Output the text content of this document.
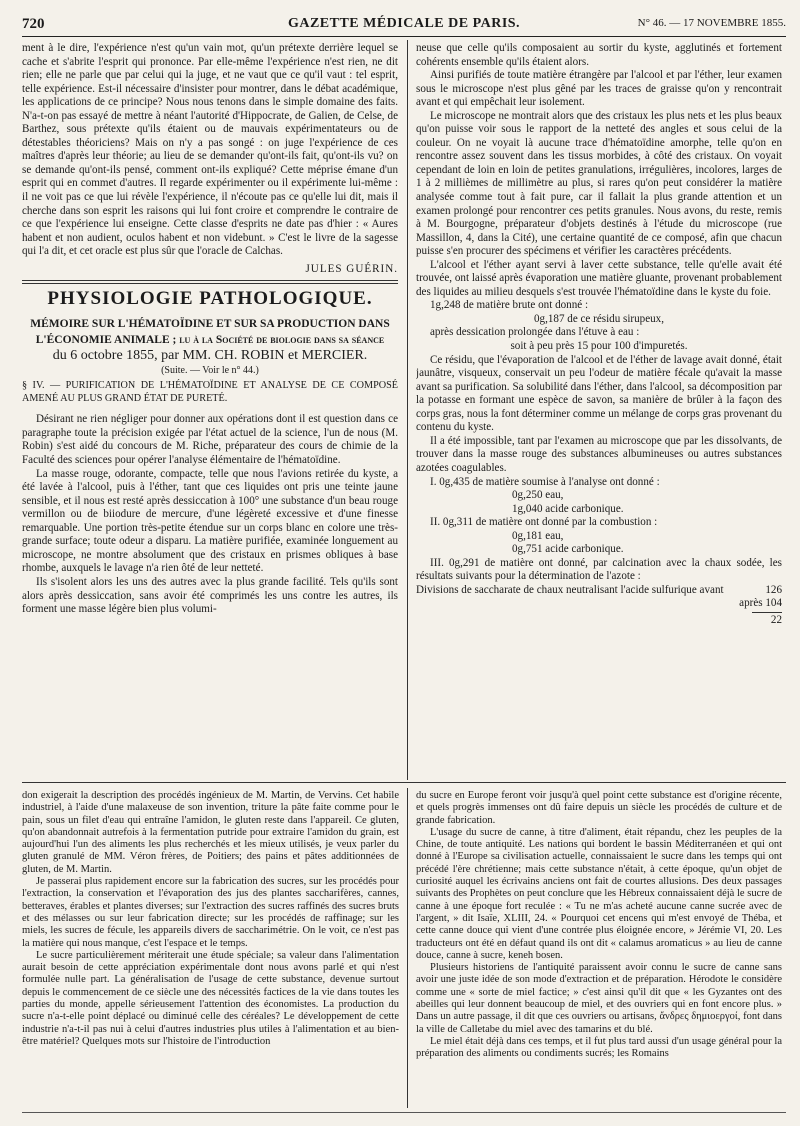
720	GAZETTE MÉDICALE DE PARIS.	N° 46. — 17 NOVEMBRE 1855.

ment à le dire, l'expérience n'est qu'un vain mot, qu'un prétexte derrière lequel se cache et s'abrite l'esprit qui prononce. Par elle-même l'expérience n'est rien, ne dit rien; elle ne parle que par celui qui la juge, et ne vaut que ce qu'il vaut : tel esprit, telle expérience. Est-il nécessaire d'insister pour montrer, dans le débat académique, les applications de ce principe? Nous nous tenons dans le simple domaine des faits. N'a-t-on pas essayé de mettre à néant l'autorité d'Hippocrate, de Galien, de Celse, de Barthez, sous prétexte qu'ils étaient ou de mauvais expérimentateurs ou de détestables théoriciens? Mais on n'y a pas songé : on juge l'expérience de ces maîtres d'après leur théorie; au lieu de se demander qu'ont-ils fait, qu'ont-ils vu? on se demande qu'ont-ils pensé, comment ont-ils expliqué? Cette méprise émane d'un esprit qui en commet d'autres. Il regarde expérimenter ou il expérimente lui-même : il ne voit pas ce que lui révèle l'expérience, il n'écoute pas ce qu'elle lui dit, mais il cherche dans son esprit les raisons qui lui font croire et comprendre le contraire de ce que l'expérience lui enseigne. Cette classe d'esprits ne date pas d'hier : « Aures habent et non audient, oculos habent et non videbunt. » C'est le livre de la sagesse qui l'a dit, et cet oracle est plus sûr que l'oracle de Calchas.

JULES GUÉRIN.

PHYSIOLOGIE PATHOLOGIQUE.

MÉMOIRE SUR L'HÉMATOÏDINE ET SUR SA PRODUCTION DANS L'ÉCONOMIE ANIMALE ; lu à la Société de biologie dans sa séance
du 6 octobre 1855, par MM. CH. ROBIN et MERCIER.

(Suite. — Voir le n° 44.)

§ IV. — PURIFICATION DE L'HÉMATOÏDINE ET ANALYSE DE CE COMPOSÉ AMENÉ AU PLUS GRAND ÉTAT DE PURETÉ.

Désirant ne rien négliger pour donner aux opérations dont il est question dans ce paragraphe toute la précision exigée par l'état actuel de la science, l'un de nous (M. Robin) s'est aidé du concours de M. Riche, préparateur des cours de chimie de la Faculté des sciences pour opérer l'analyse élémentaire de l'hématoïdine.

La masse rouge, odorante, compacte, telle que nous l'avions retirée du kyste, a été lavée à l'alcool, puis à l'éther, tant que ces liquides ont pris une teinte jaune sensible, et il nous est resté après dessiccation à 100° une substance d'un beau rouge vermillon ou de biiodure de mercure, d'une légèreté excessive et d'une finesse remarquable. Une portion très-petite étendue sur un corps blanc en colore une très-grande surface; toute odeur a disparu. La matière purifiée, examinée longuement au microscope, ne montre absolument que des cristaux en prismes obliques à base rhombe, auxquels le lavage n'a rien ôté de leur netteté.

Ils s'isolent alors les uns des autres avec la plus grande facilité. Tels qu'ils sont alors après dessiccation, sans avoir été comprimés les uns contre les autres, ils forment une masse légère bien plus volumi-

neuse que celle qu'ils composaient au sortir du kyste, agglutinés et fortement cohérents ensemble qu'ils étaient alors.

Ainsi purifiés de toute matière étrangère par l'alcool et par l'éther, leur examen sous le microscope n'est plus gêné par les traces de graisse qu'on y rencontrait avant et qui empêchait leur isolement.

Le microscope ne montrait alors que des cristaux les plus nets et les plus beaux qu'on puisse voir sous le rapport de la netteté des angles et sous celui de la couleur. On ne voyait là aucune trace d'hématoïdine amorphe, telle qu'on en rencontre assez souvent dans les tissus morbides, à côté des cristaux. On voyait cependant de loin en loin de petites granulations, irrégulières, incolores, larges de 1 à 2 millièmes de millimètre au plus, si rares qu'on peut considérer la matière analysée comme tout à fait pure, car il fallait la plus grande attention et un examen prolongé pour rencontrer ces petits granules. Nous avons, du reste, remis à M. Bourgogne, préparateur d'objets destinés à l'étude du microscope (rue Massillon, 4, dans la Cité), une certaine quantité de ce composé, afin que chacun puisse s'en procurer des spécimens et vérifier les caractères précédents.

L'alcool et l'éther ayant servi à laver cette substance, telle qu'elle avait été trouvée, ont laissé après évaporation une matière gluante, provenant probablement des liquides au milieu desquels s'est trouvée l'hématoïdine dans le kyste du foie.

1g,248 de matière brute ont donné :

0g,187 de ce résidu sirupeux,

après dessication prolongée dans l'étuve à eau :

soit à peu près 15 pour 100 d'impuretés.

Ce résidu, que l'évaporation de l'alcool et de l'éther de lavage avait donné, était jaunâtre, visqueux, conservait un peu l'odeur de matière fécale qu'avait la masse avant sa purification. Sa solubilité dans l'éther, dans l'alcool, sa décomposition par la potasse en formant une espèce de savon, sa manière de brûler à la façon des corps gras, nous la font déterminer comme un mélange de corps gras provenant du contenu du kyste.

Il a été impossible, tant par l'examen au microscope que par les dissolvants, de trouver dans la masse rouge des substances albumineuses ou autres substances azotées coagulables.

I. 0g,435 de matière soumise à l'analyse ont donné :

0g,250 eau,

1g,040 acide carbonique.

II. 0g,311 de matière ont donné par la combustion :

0g,181 eau,

0g,751 acide carbonique.

III. 0g,291 de matière ont donné, par calcination avec la chaux sodée, les résultats suivants pour la détermination de l'azote :

Divisions de saccharate de chaux neutralisant l'acide sulfurique avant	126

après 104

22

don exigerait la description des procédés ingénieux de M. Martin, de Vervins. Cet habile industriel, à l'aide d'une malaxeuse de son invention, triture la pâte faite comme pour le pain, sous un filet d'eau qui entraîne l'amidon, le gluten reste dans l'appareil. Ce gluten, qu'on abandonnait autrefois à la fermentation putride pour extraire l'amidon du grain, est aujourd'hui l'un des aliments les plus recherchés et les mieux utilisés, je veux parler du gluten granulé de MM. Véron frères, de Poitiers; des pains et pâtes additionnées de gluten, de M. Martin.

Je passerai plus rapidement encore sur la fabrication des sucres, sur les procédés pour l'extraction, la conservation et l'évaporation des jus des plantes saccharifères, cannes, betteraves, érables et plantes diverses; sur l'extraction des sucres raffinés des sucres bruts et des mélasses ou sur leur fabrication directe; sur les procédés de raffinage; sur les miels, les sucres de fécule, les appareils divers de saccharimétrie. On le voit, ce n'est pas la matière qui nous manque, c'est l'espace et le temps.

Le sucre particulièrement mériterait une étude spéciale; sa valeur dans l'alimentation aurait besoin de cette appréciation expérimentale dont nous avons parlé et qui n'est formulée nulle part. La généralisation de l'usage de cette substance, devenue surtout depuis le commencement de ce siècle une des nécessités factices de la vie dans toutes les parties du monde, appelle sérieusement l'attention des économistes. La production du sucre n'a-t-elle point déplacé ou diminué celle des céréales? Le développement de cette industrie n'a-t-il pas nui à celui d'autres industries plus utiles à l'alimentation et au bien-être matériel? Quelques mots sur l'histoire de l'introduction

du sucre en Europe feront voir jusqu'à quel point cette substance est d'origine récente, et quels progrès immenses ont dû faire depuis un siècle les procédés de culture et de grande fabrication.

L'usage du sucre de canne, à titre d'aliment, était répandu, chez les peuples de la Chine, de toute antiquité. Les nations qui bordent le bassin Méditerranéen et qui ont donné à l'Europe sa civilisation actuelle, connaissaient le sucre dans les temps qui ont précédé l'ère chrétienne; mais cette substance n'était, à cette époque, qu'un objet de curiosité auquel les écrivains anciens ont fait de courtes allusions. Des deux passages suivants des Prophètes on peut conclure que les Hébreux connaissaient déjà le sucre de canne à une époque fort reculée : « Tu ne m'as acheté aucune canne sucrée avec de l'argent, » dit Isaïe, XLIII, 24. « Pourquoi cet encens qui m'est envoyé de Théba, et cette canne douce qui vient d'une contrée plus éloignée encore, » Jérémie VI, 20. Les traducteurs ont été en défaut quand ils ont dit « calamus aromaticus » au lieu de canne douce, canne à sucre, keneh bosen.

Plusieurs historiens de l'antiquité paraissent avoir connu le sucre de canne sans avoir une juste idée de son mode d'extraction et de préparation. Hérodote le considère comme une « sorte de miel factice; » c'est ainsi qu'il dit que « les Gyzantes ont des abeilles qui leur donnent beaucoup de miel, et des ouvriers qui en font encore plus. » Dans un autre passage, il dit que ces ouvriers ou artisans, ἄνδρες δημιοεργοί, font dans la ville de Calletabe du miel avec des tamarins et du blé.

Le miel était déjà dans ces temps, et il fut plus tard aussi d'un usage général pour la préparation des aliments ou condiments sucrés; les Romains
